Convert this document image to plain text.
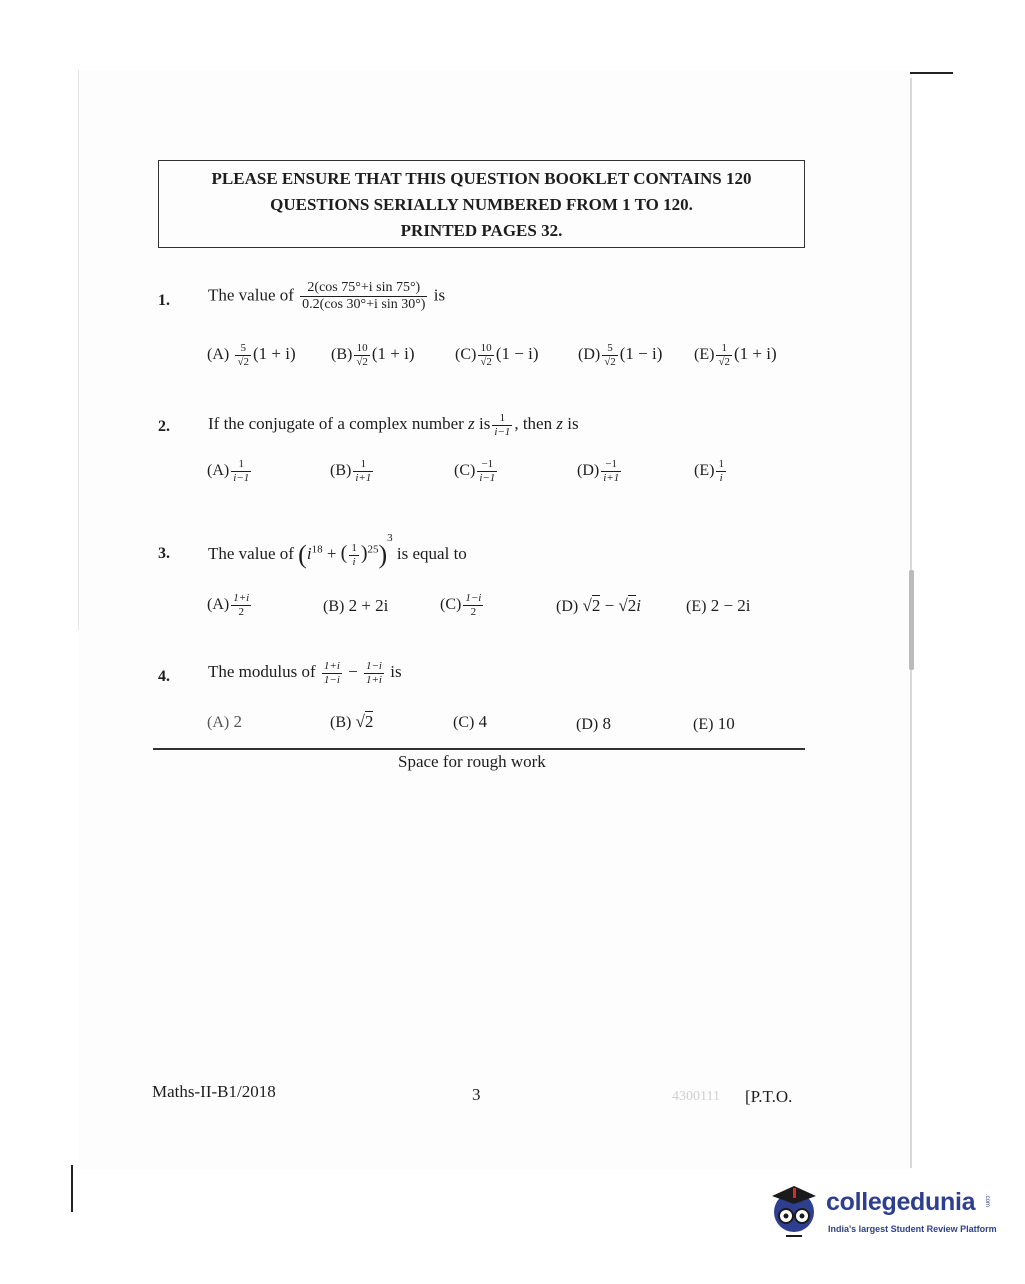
PLEASE ENSURE THAT THIS QUESTION BOOKLET CONTAINS 120
QUESTIONS SERIALLY NUMBERED FROM 1 TO 120.
PRINTED PAGES 32.
1. The value of $\frac{\text{2(cos 75°+i sin 75°)}}{\text{0.2(cos 30°+i sin 30°)}}$ is
$(A) \frac{5}{√2} (1 + i)$ $(B) \frac{10}{√2} (1 + i)$	$(C) \frac{10}{√2} (1 - i)$ $(D) \frac{5}{√2} (1 - i)$ $(E) \frac{1}{√2} (1 + i)$
2. If the conjugate of a complex number z is $\frac{1}{i-1}$ , then z is
$(A) \frac{1}{i-1}$	$(B) \frac{1}{i+1}$	$(C) \frac{-1}{i-1}$	$(D) \frac{-1}{i+1}$	$(E) \frac{1}{i}$
3. The value of ($i^{18}$ + ( $\frac{1}{i} )^{25})^3$ is equal to
$(A) \frac{1+i}{2}$	(B) 2 + 2i	$(C) \frac{1-i}{2}$	(D) √2 − √2i	(E) 2 − 2i
4. The modulus of $\frac{1+i}{1-i} - \frac{1-i}{1+i}$ is
(A) 2	(B) √2	(C) 4	(D) 8	(E) 10
Space for rough work
Maths-II-B1/2018	3	4300111 [P.T.O.
collegedunia .com
India's largest Student Review Platform
